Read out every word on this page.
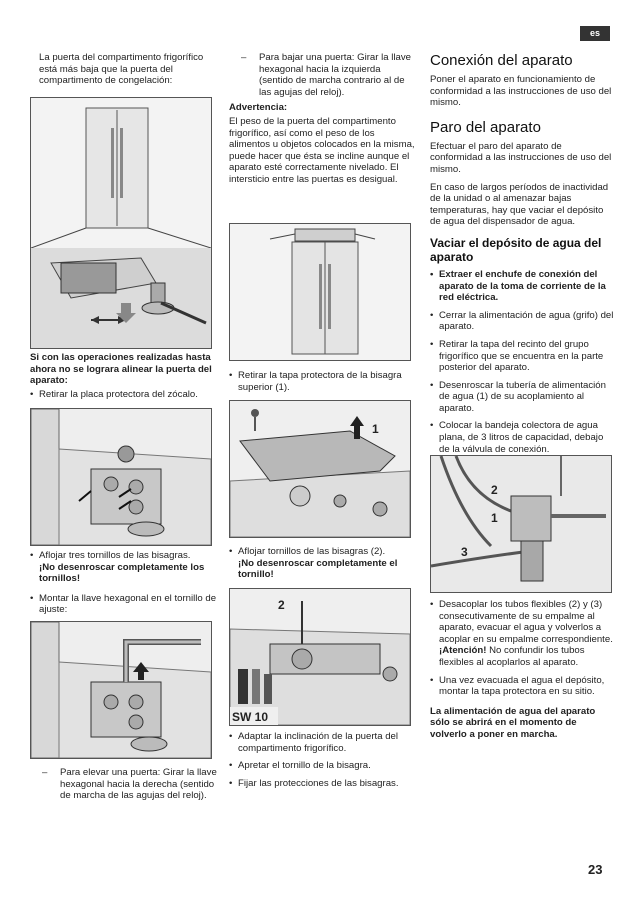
es

La puerta del compartimento frigorífico está más baja que la puerta del compartimento de congelación:

Si con las operaciones realizadas hasta ahora no se lograra alinear la puerta del aparato:

• Retirar la placa protectora del zócalo.

• Aflojar tres tornillos de las bisagras.
¡No desenroscar completamente los tornillos!

• Montar la llave hexagonal en el tornillo de ajuste:

– Para elevar una puerta: Girar la llave hexagonal hacia la derecha (sentido de marcha de las agujas del reloj).

– Para bajar una puerta: Girar la llave hexagonal hacia la izquierda (sentido de marcha contrario al de las agujas del reloj).

Advertencia:

El peso de la puerta del compartimento frigorífico, así como el peso de los alimentos u objetos colocados en la misma, puede hacer que ésta se incline aunque el aparato esté correctamente nivelado. El intersticio entre las puertas es desigual.

• Retirar la tapa protectora de la bisagra superior (1).

1

• Aflojar tornillos de las bisagras (2).
¡No desenroscar completamente el tornillo!

2
SW 10

• Adaptar la inclinación de la puerta del compartimento frigorífico.

• Apretar el tornillo de la bisagra.

• Fijar las protecciones de las bisagras.

Conexión del aparato

Poner el aparato en funcionamiento de conformidad a las instrucciones de uso del mismo.

Paro del aparato

Efectuar el paro del aparato de conformidad a las instrucciones de uso del mismo.

En caso de largos períodos de inactividad de la unidad o al amenazar bajas temperaturas, hay que vaciar el depósito de agua del dispensador de agua.

Vaciar el depósito de agua del aparato

• Extraer el enchufe de conexión del aparato de la toma de corriente de la red eléctrica.

• Cerrar la alimentación de agua (grifo) del aparato.

• Retirar la tapa del recinto del grupo frigorífico que se encuentra en la parte posterior del aparato.

• Desenroscar la tubería de alimentación de agua (1) de su acoplamiento al aparato.

• Colocar la bandeja colectora de agua plana, de 3 litros de capacidad, debajo de la válvula de conexión.

2
1
3

• Desacoplar los tubos flexibles (2) y (3) consecutivamente de su empalme al aparato, evacuar el agua y volverlos a acoplar en su empalme correspondiente.
¡Atención! No confundir los tubos flexibles al acoplarlos al aparato.

• Una vez evacuada el agua el depósito, montar la tapa protectora en su sitio.

La alimentación de agua del aparato sólo se abrirá en el momento de volverlo a poner en marcha.

23
